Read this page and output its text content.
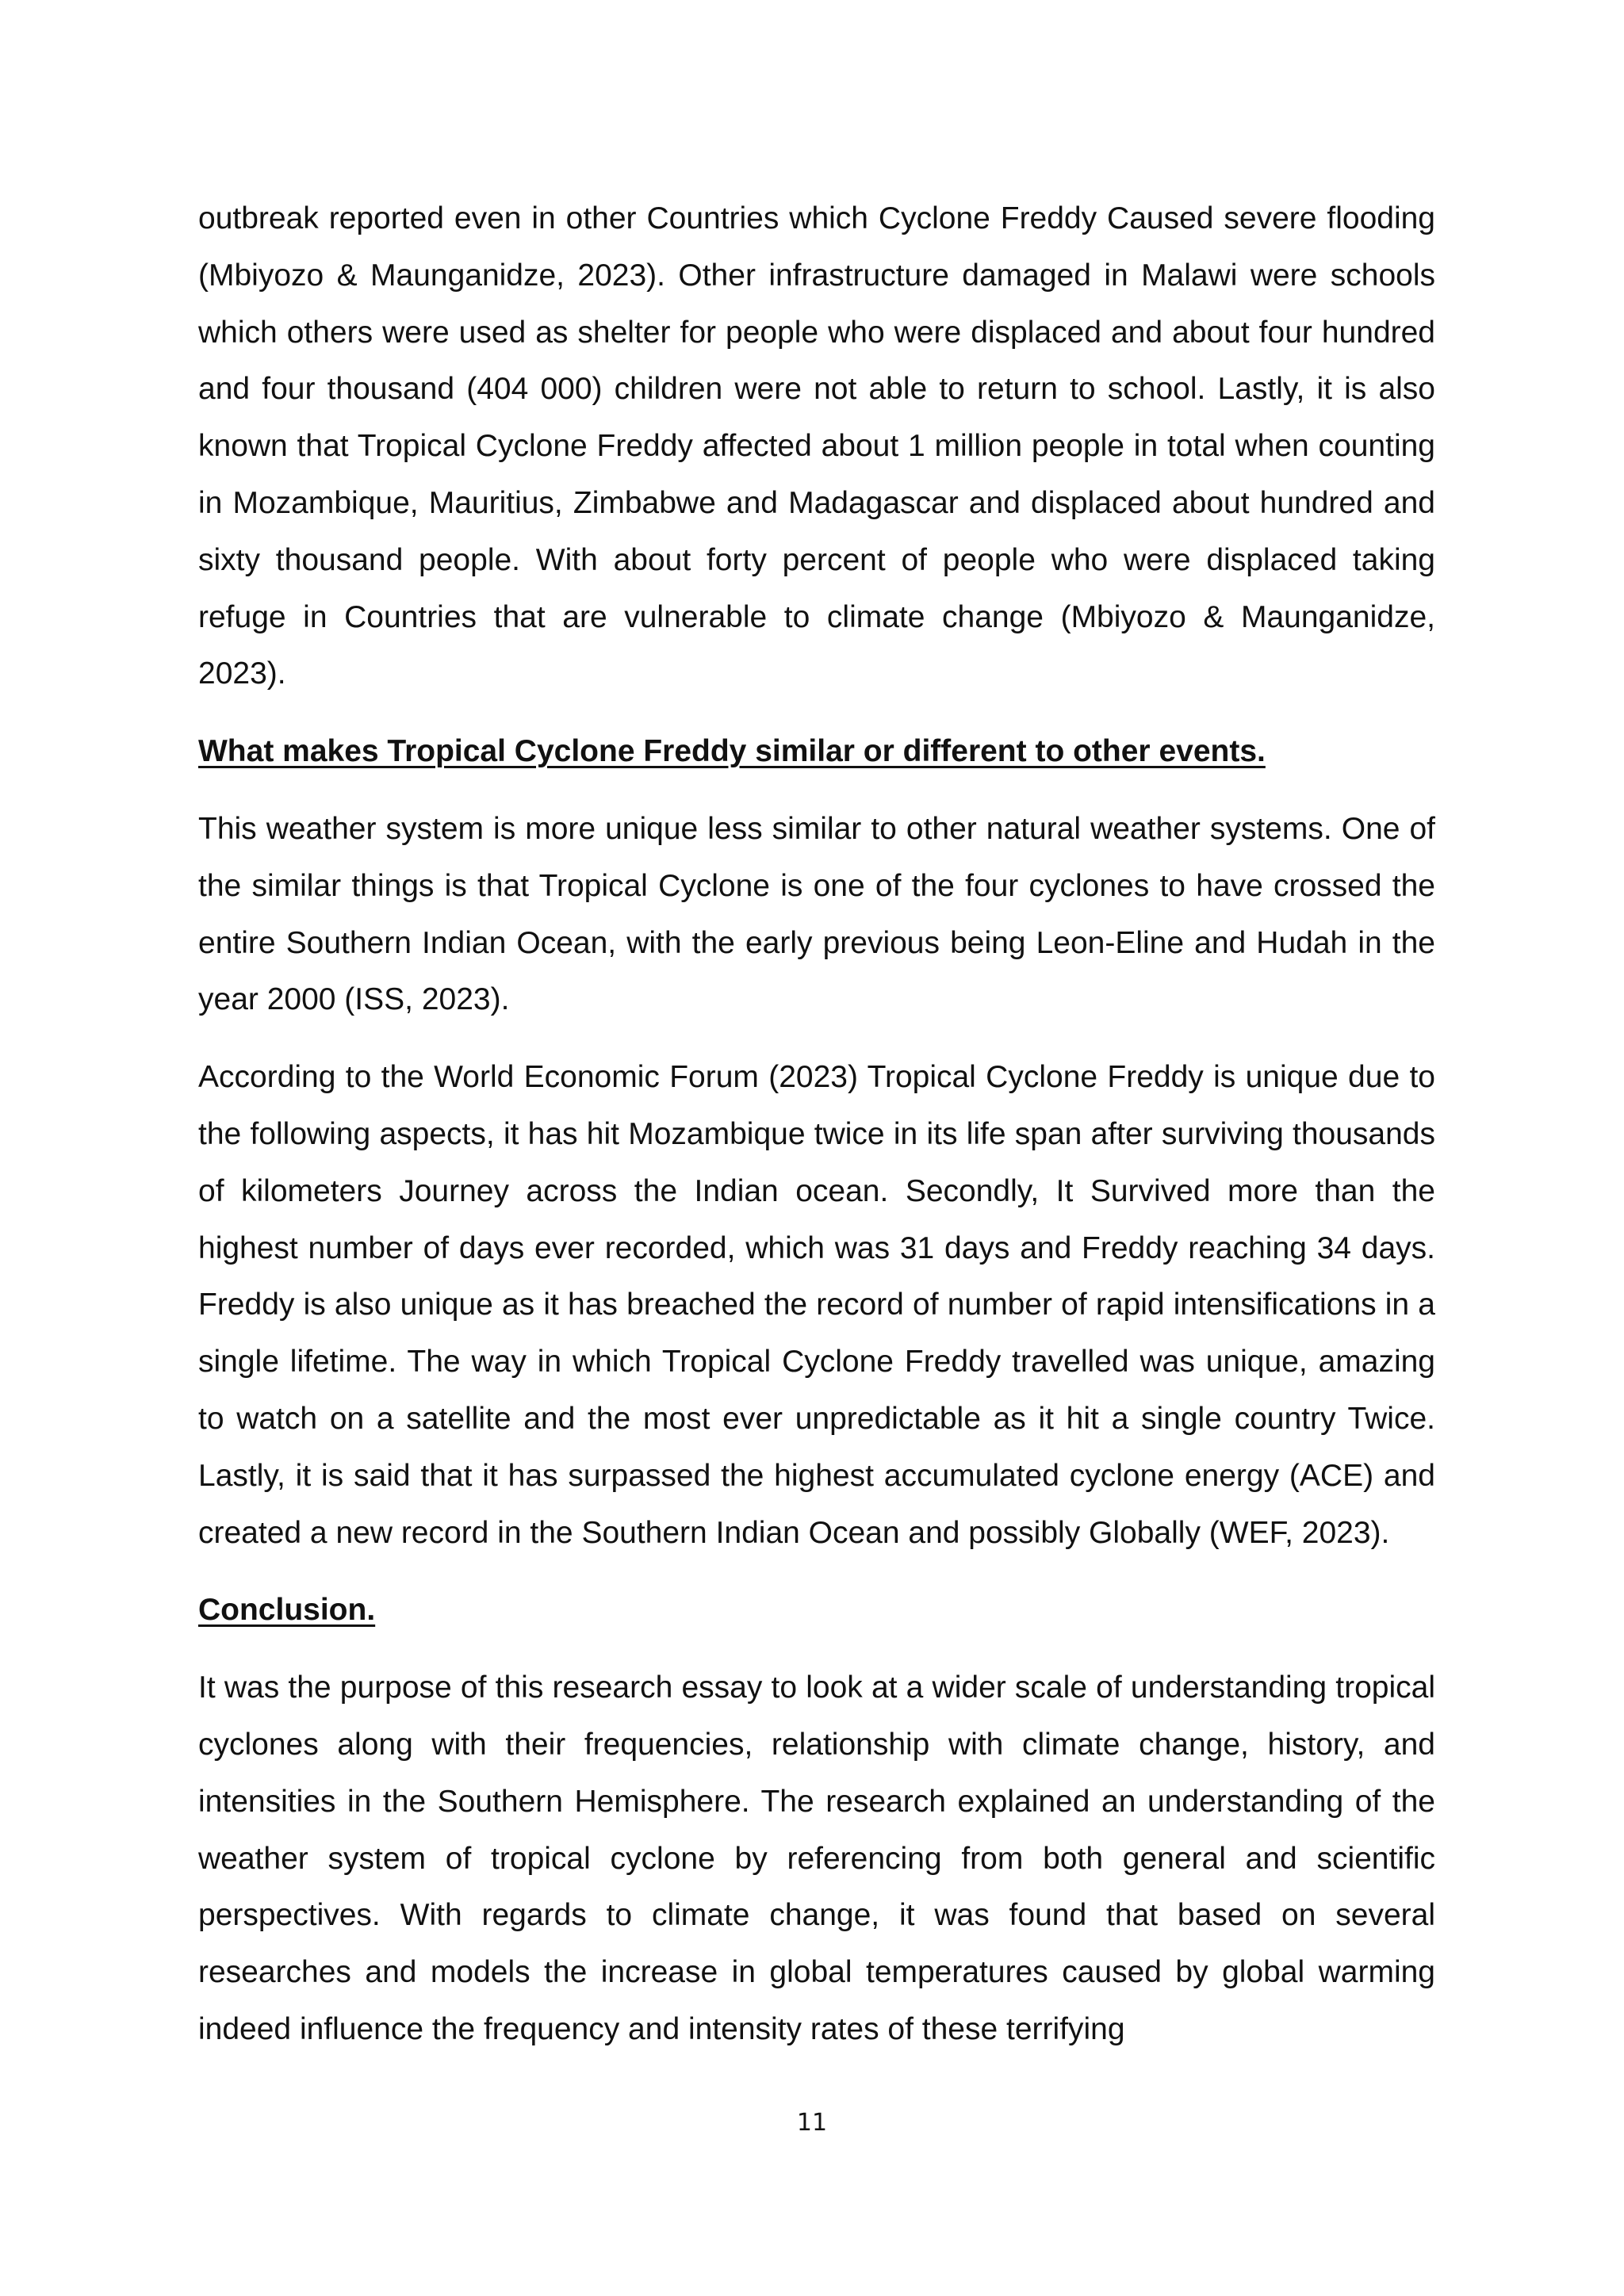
outbreak reported even in other Countries which Cyclone Freddy Caused severe flooding (Mbiyozo & Maunganidze, 2023). Other infrastructure damaged in Malawi were schools which others were used as shelter for people who were displaced and about four hundred and four thousand (404 000) children were not able to return to school. Lastly, it is also known that Tropical Cyclone Freddy affected about 1 million people in total when counting in Mozambique, Mauritius, Zimbabwe and Madagascar and displaced about hundred and sixty thousand people. With about forty percent of people who were displaced taking refuge in Countries that are vulnerable to climate change (Mbiyozo & Maunganidze, 2023).

What makes Tropical Cyclone Freddy similar or different to other events.

This weather system is more unique less similar to other natural weather systems. One of the similar things is that Tropical Cyclone is one of the four cyclones to have crossed the entire Southern Indian Ocean, with the early previous being Leon-Eline and Hudah in the year 2000 (ISS, 2023).

According to the World Economic Forum (2023) Tropical Cyclone Freddy is unique due to the following aspects, it has hit Mozambique twice in its life span after surviving thousands of kilometers Journey across the Indian ocean. Secondly, It Survived more than the highest number of days ever recorded, which was 31 days and Freddy reaching 34 days. Freddy is also unique as it has breached the record of number of rapid intensifications in a single lifetime. The way in which Tropical Cyclone Freddy travelled was unique, amazing to watch on a satellite and the most ever unpredictable as it hit a single country Twice. Lastly, it is said that it has surpassed the highest accumulated cyclone energy (ACE) and created a new record in the Southern Indian Ocean and possibly Globally (WEF, 2023).

Conclusion.

It was the purpose of this research essay to look at a wider scale of understanding tropical cyclones along with their frequencies, relationship with climate change, history, and intensities in the Southern Hemisphere. The research explained an understanding of the weather system of tropical cyclone by referencing from both general and scientific perspectives. With regards to climate change, it was found that based on several researches and models the increase in global temperatures caused by global warming indeed influence the frequency and intensity rates of these terrifying

11
